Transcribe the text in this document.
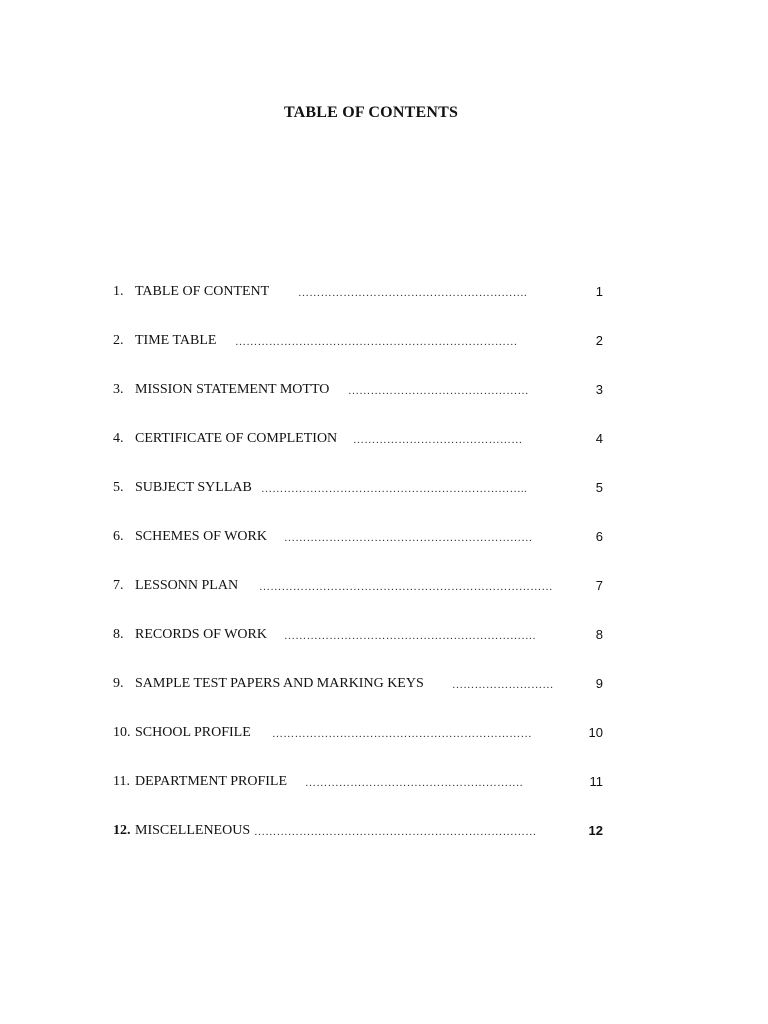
TABLE OF CONTENTS
1. TABLE OF CONTENT	…………………………………………………….	1
2. TIME TABLE …………………………………………………………………	2
3. MISSION STATEMENT MOTTO …………………………………………	3
4. CERTIFICATE OF COMPLETION ………………………………………	4
5. SUBJECT SYLLAB ……………………………………………………………..	5
6. SCHEMES OF WORK …………………………………………………………	6
7. LESSONN PLAN ……………………………………………………………………	7
8. RECORDS OF WORK ………………………………………………………….	8
9. SAMPLE TEST PAPERS AND MARKING KEYS	………………………	9
10. SCHOOL PROFILE ……………………………………………………………	10
11. DEPARTMENT PROFILE ………………………………………………….	11
12. MISCELLENEOUS …………………………………………………………………	12
